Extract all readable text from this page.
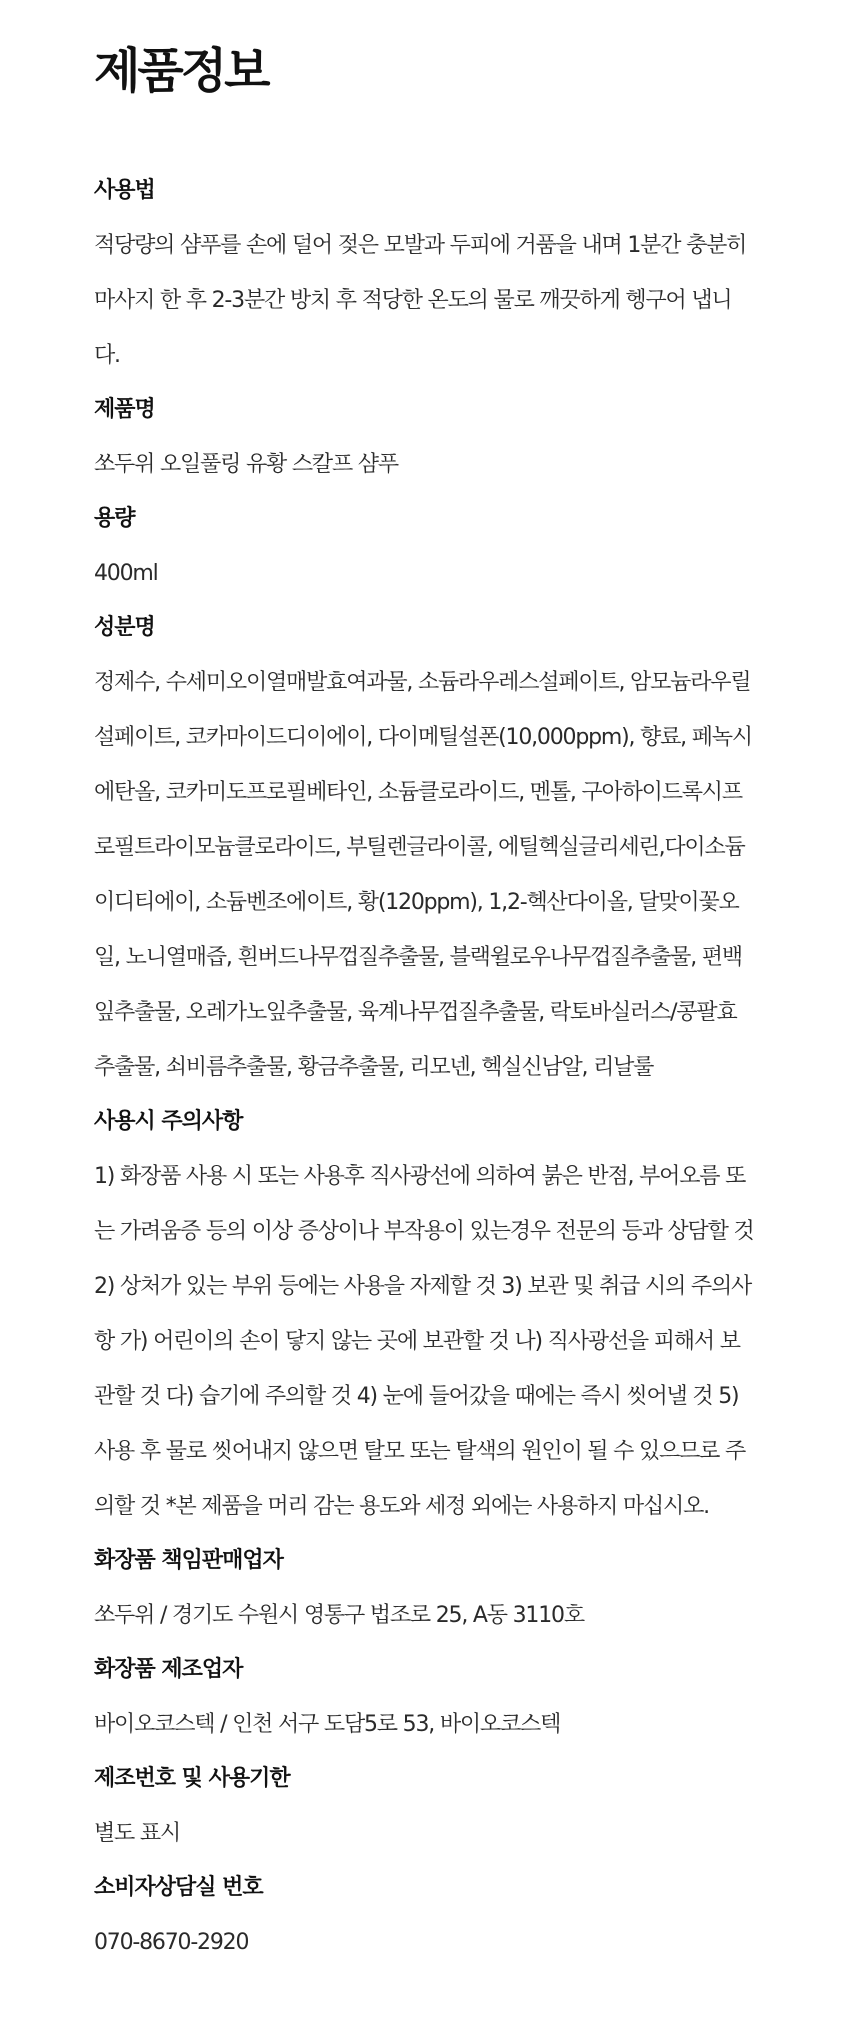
제품정보
사용법

적당량의 샴푸를 손에 덜어 젖은 모발과 두피에 거품을 내며 1분간 충분히 마사지 한 후 2-3분간 방치 후 적당한 온도의 물로 깨끗하게 헹구어 냅니다.

제품명

쏘두위 오일풀링 유황 스칼프 샴푸

용량

400ml

성분명

정제수, 수세미오이열매발효여과물, 소듐라우레스설페이트, 암모늄라우릴설페이트, 코카마이드디이에이, 다이메틸설폰(10,000ppm), 향료, 페녹시에탄올, 코카미도프로필베타인, 소듐클로라이드, 멘톨, 구아하이드록시프로필트라이모늄클로라이드, 부틸렌글라이콜, 에틸헥실글리세린,다이소듐이디티에이, 소듐벤조에이트, 황(120ppm), 1,2-헥산다이올, 달맞이꽃오일, 노니열매즙, 흰버드나무껍질추출물, 블랙윌로우나무껍질추출물, 편백잎추출물, 오레가노잎추출물, 육계나무껍질추출물, 락토바실러스/콩팔효추출물, 쇠비름추출물, 황금추출물, 리모넨, 헥실신남알, 리날룰

사용시 주의사항

1) 화장품 사용 시 또는 사용후 직사광선에 의하여 붉은 반점, 부어오름 또는 가려움증 등의 이상 증상이나 부작용이 있는경우 전문의 등과 상담할 것 2) 상처가 있는 부위 등에는 사용을 자제할 것 3) 보관 및 취급 시의 주의사항 가) 어린이의 손이 닿지 않는 곳에 보관할 것 나) 직사광선을 피해서 보관할 것 다) 습기에 주의할 것 4) 눈에 들어갔을 때에는 즉시 씻어낼 것 5) 사용 후 물로 씻어내지 않으면 탈모 또는 탈색의 원인이 될 수 있으므로 주의할 것 *본 제품을 머리 감는 용도와 세정 외에는 사용하지 마십시오.

화장품 책임판매업자

쏘두위 / 경기도 수원시 영통구 법조로 25, A동 3110호

화장품 제조업자

바이오코스텍 / 인천 서구 도담5로 53, 바이오코스텍

제조번호 및 사용기한

별도 표시

소비자상담실 번호

070-8670-2920
